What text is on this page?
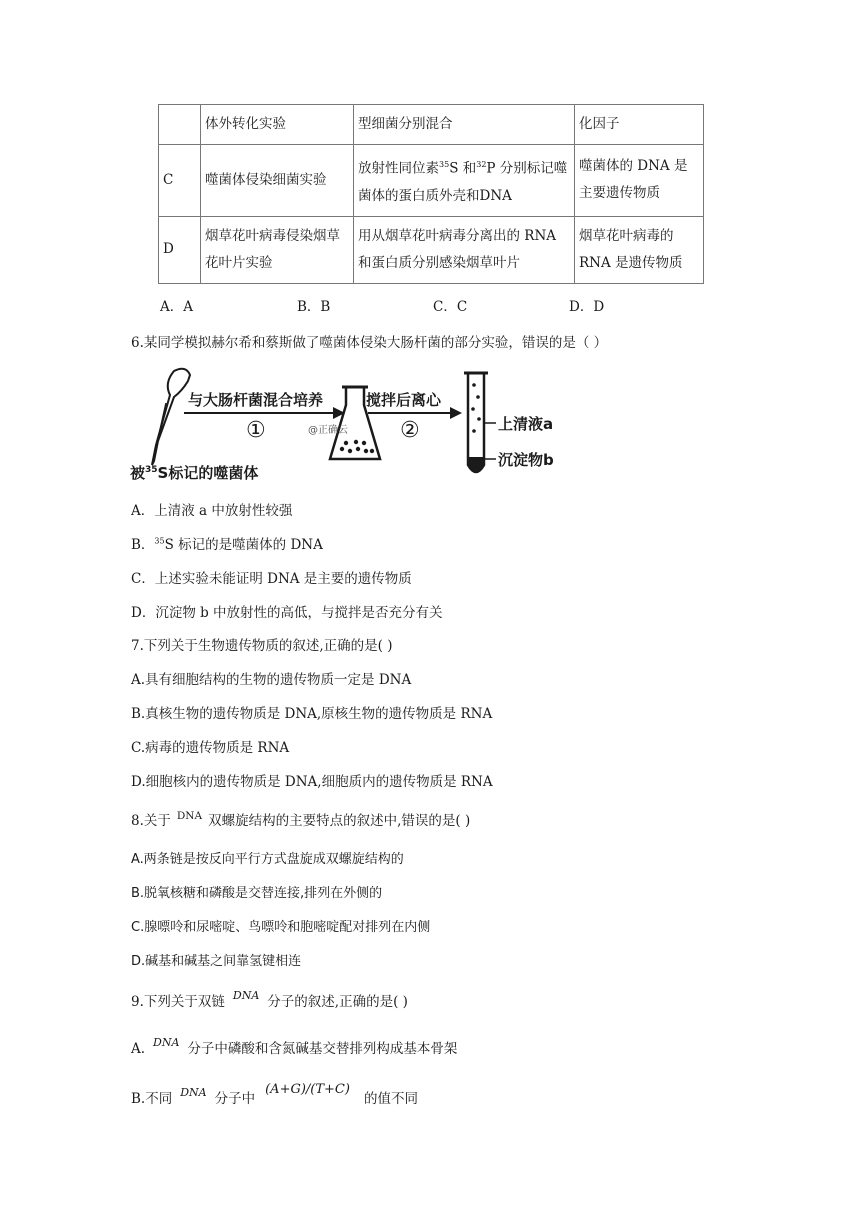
	体外转化实验	型细菌分别混合	化因子
C	噬菌体侵染细菌实验	放射性同位素$^{35}$S 和$^{32}$P 分别标记噬菌体的蛋白质外壳和DNA	噬菌体的 DNA 是主要遗传物质
D	烟草花叶病毒侵染烟草花叶片实验	用从烟草花叶病毒分离出的 RNA 和蛋白质分别感染烟草叶片	烟草花叶病毒的 RNA 是遗传物质
A．A	B．B	C．C	D．D
6.某同学模拟赫尔希和蔡斯做了噬菌体侵染大肠杆菌的部分实验，错误的是（ ）
与大肠杆菌混合培养
①	@正确云
搅拌后离心
②	上清液a
沉淀物b
被$^{35}$S标记的噬菌体
A．上清液 a 中放射性较强
B．$^{35}$S 标记的是噬菌体的 DNA
C．上述实验未能证明 DNA 是主要的遗传物质
D．沉淀物 b 中放射性的高低，与搅拌是否充分有关
7.下列关于生物遗传物质的叙述,正确的是( )
A.具有细胞结构的生物的遗传物质一定是 DNA
B.真核生物的遗传物质是 DNA,原核生物的遗传物质是 RNA
C.病毒的遗传物质是 RNA
D.细胞核内的遗传物质是 DNA,细胞质内的遗传物质是 RNA
8.关于 $^{DNA}$ 双螺旋结构的主要特点的叙述中,错误的是( )
A.两条链是按反向平行方式盘旋成双螺旋结构的
B.脱氧核糖和磷酸是交替连接,排列在外侧的
C.腺嘌呤和尿嘧啶、鸟嘌呤和胞嘧啶配对排列在内侧
D.碱基和碱基之间靠氢键相连
9.下列关于双链 $^{DNA}$ 分子的叙述,正确的是( )
A. $^{DNA}$ 分子中磷酸和含氮碱基交替排列构成基本骨架
B.不同 $^{DNA}$ 分子中(A+G)/(T+C)的值不同
